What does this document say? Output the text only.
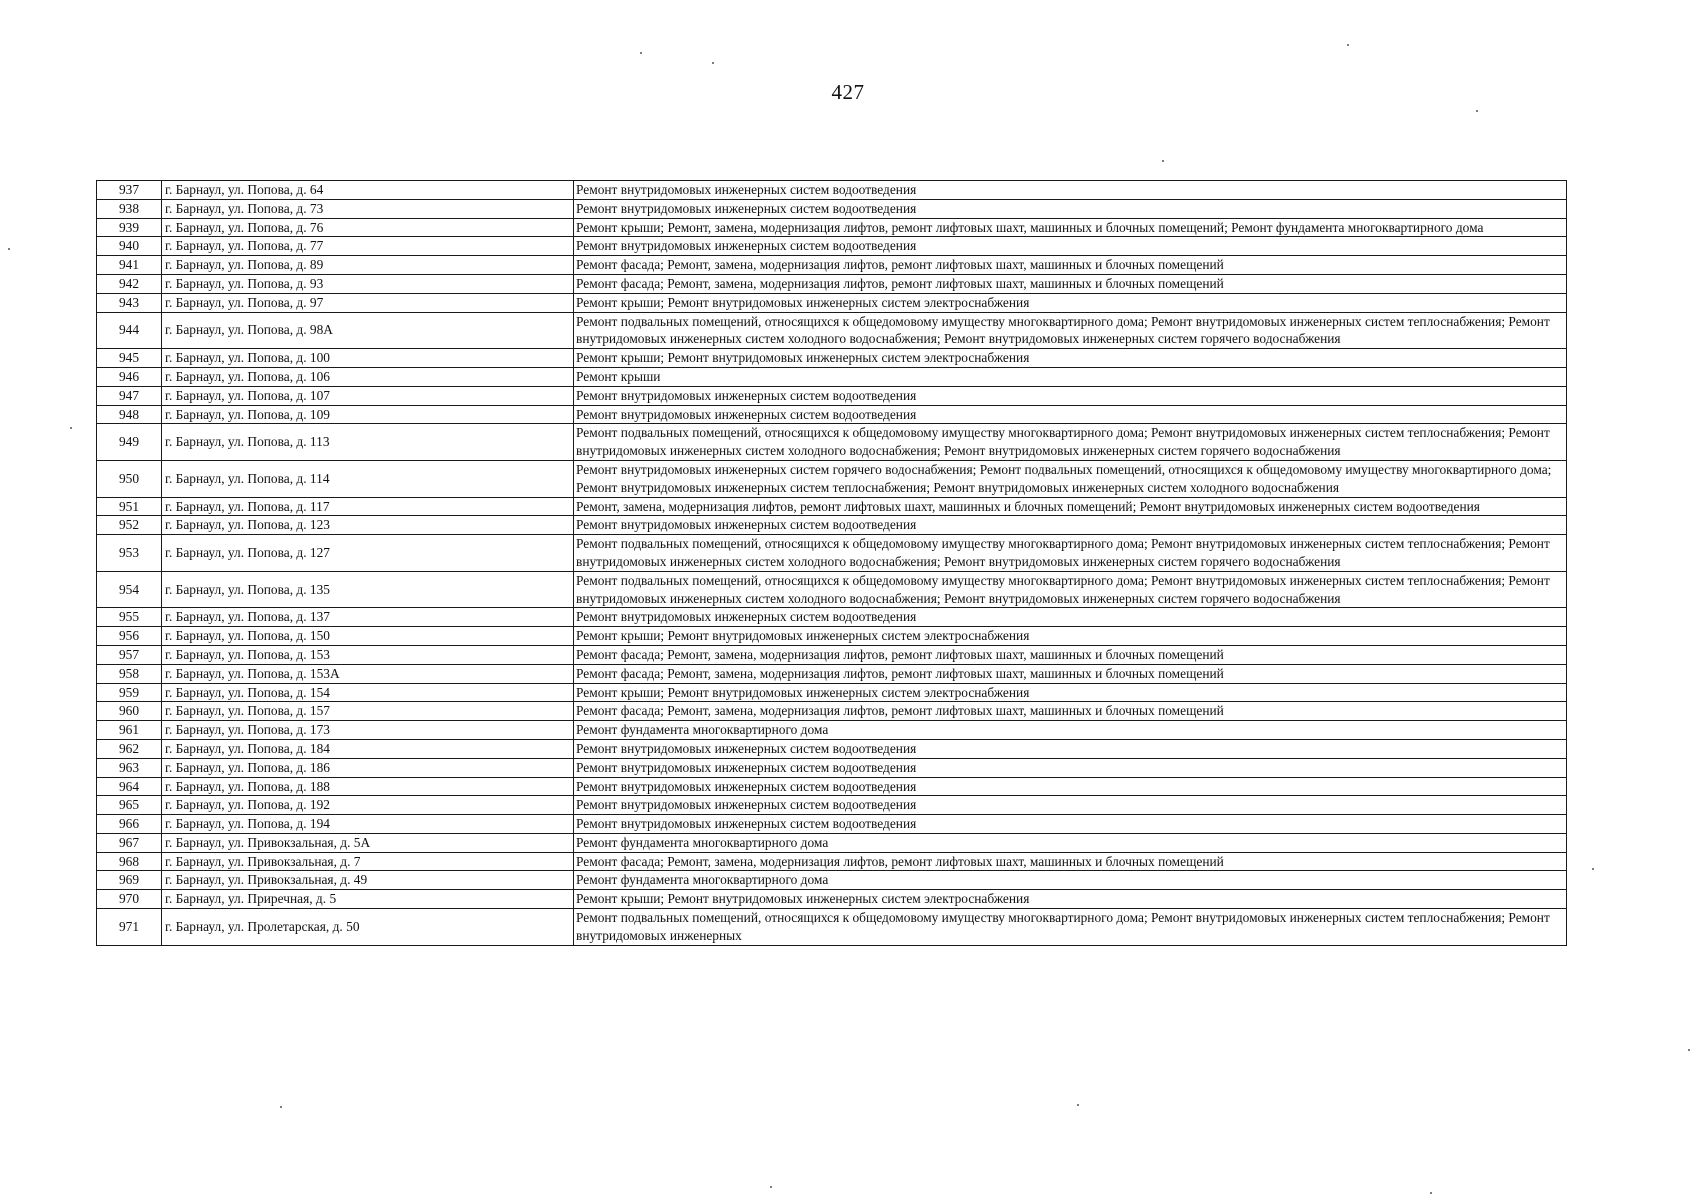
427
937	г. Барнаул, ул. Попова, д. 64	Ремонт внутридомовых инженерных систем водоотведения
938	г. Барнаул, ул. Попова, д. 73	Ремонт внутридомовых инженерных систем водоотведения
939	г. Барнаул, ул. Попова, д. 76	Ремонт крыши; Ремонт, замена, модернизация лифтов, ремонт лифтовых шахт, машинных и блочных помещений; Ремонт фундамента многоквартирного дома
940	г. Барнаул, ул. Попова, д. 77	Ремонт внутридомовых инженерных систем водоотведения
941	г. Барнаул, ул. Попова, д. 89	Ремонт фасада; Ремонт, замена, модернизация лифтов, ремонт лифтовых шахт, машинных и блочных помещений
942	г. Барнаул, ул. Попова, д. 93	Ремонт фасада; Ремонт, замена, модернизация лифтов, ремонт лифтовых шахт, машинных и блочных помещений
943	г. Барнаул, ул. Попова, д. 97	Ремонт крыши; Ремонт внутридомовых инженерных систем электроснабжения
944	г. Барнаул, ул. Попова, д. 98А	Ремонт подвальных помещений, относящихся к общедомовому имуществу многоквартирного дома; Ремонт внутридомовых инженерных систем теплоснабжения; Ремонт внутридомовых инженерных систем холодного водоснабжения; Ремонт внутридомовых инженерных систем горячего водоснабжения
945	г. Барнаул, ул. Попова, д. 100	Ремонт крыши; Ремонт внутридомовых инженерных систем электроснабжения
946	г. Барнаул, ул. Попова, д. 106	Ремонт крыши
947	г. Барнаул, ул. Попова, д. 107	Ремонт внутридомовых инженерных систем водоотведения
948	г. Барнаул, ул. Попова, д. 109	Ремонт внутридомовых инженерных систем водоотведения
949	г. Барнаул, ул. Попова, д. 113	Ремонт подвальных помещений, относящихся к общедомовому имуществу многоквартирного дома; Ремонт внутридомовых инженерных систем теплоснабжения; Ремонт внутридомовых инженерных систем холодного водоснабжения; Ремонт внутридомовых инженерных систем горячего водоснабжения
950	г. Барнаул, ул. Попова, д. 114	Ремонт внутридомовых инженерных систем горячего водоснабжения; Ремонт подвальных помещений, относящихся к общедомовому имуществу многоквартирного дома; Ремонт внутридомовых инженерных систем теплоснабжения; Ремонт внутридомовых инженерных систем холодного водоснабжения
951	г. Барнаул, ул. Попова, д. 117	Ремонт, замена, модернизация лифтов, ремонт лифтовых шахт, машинных и блочных помещений; Ремонт внутридомовых инженерных систем водоотведения
952	г. Барнаул, ул. Попова, д. 123	Ремонт внутридомовых инженерных систем водоотведения
953	г. Барнаул, ул. Попова, д. 127	Ремонт подвальных помещений, относящихся к общедомовому имуществу многоквартирного дома; Ремонт внутридомовых инженерных систем теплоснабжения; Ремонт внутридомовых инженерных систем холодного водоснабжения; Ремонт внутридомовых инженерных систем горячего водоснабжения
954	г. Барнаул, ул. Попова, д. 135	Ремонт подвальных помещений, относящихся к общедомовому имуществу многоквартирного дома; Ремонт внутридомовых инженерных систем теплоснабжения; Ремонт внутридомовых инженерных систем холодного водоснабжения; Ремонт внутридомовых инженерных систем горячего водоснабжения
955	г. Барнаул, ул. Попова, д. 137	Ремонт внутридомовых инженерных систем водоотведения
956	г. Барнаул, ул. Попова, д. 150	Ремонт крыши; Ремонт внутридомовых инженерных систем электроснабжения
957	г. Барнаул, ул. Попова, д. 153	Ремонт фасада; Ремонт, замена, модернизация лифтов, ремонт лифтовых шахт, машинных и блочных помещений
958	г. Барнаул, ул. Попова, д. 153А	Ремонт фасада; Ремонт, замена, модернизация лифтов, ремонт лифтовых шахт, машинных и блочных помещений
959	г. Барнаул, ул. Попова, д. 154	Ремонт крыши; Ремонт внутридомовых инженерных систем электроснабжения
960	г. Барнаул, ул. Попова, д. 157	Ремонт фасада; Ремонт, замена, модернизация лифтов, ремонт лифтовых шахт, машинных и блочных помещений
961	г. Барнаул, ул. Попова, д. 173	Ремонт фундамента многоквартирного дома
962	г. Барнаул, ул. Попова, д. 184	Ремонт внутридомовых инженерных систем водоотведения
963	г. Барнаул, ул. Попова, д. 186	Ремонт внутридомовых инженерных систем водоотведения
964	г. Барнаул, ул. Попова, д. 188	Ремонт внутридомовых инженерных систем водоотведения
965	г. Барнаул, ул. Попова, д. 192	Ремонт внутридомовых инженерных систем водоотведения
966	г. Барнаул, ул. Попова, д. 194	Ремонт внутридомовых инженерных систем водоотведения
967	г. Барнаул, ул. Привокзальная, д. 5А	Ремонт фундамента многоквартирного дома
968	г. Барнаул, ул. Привокзальная, д. 7	Ремонт фасада; Ремонт, замена, модернизация лифтов, ремонт лифтовых шахт, машинных и блочных помещений
969	г. Барнаул, ул. Привокзальная, д. 49	Ремонт фундамента многоквартирного дома
970	г. Барнаул, ул. Приречная, д. 5	Ремонт крыши; Ремонт внутридомовых инженерных систем электроснабжения
971	г. Барнаул, ул. Пролетарская, д. 50	Ремонт подвальных помещений, относящихся к общедомовому имуществу многоквартирного дома; Ремонт внутридомовых инженерных систем теплоснабжения; Ремонт внутридомовых инженерных
